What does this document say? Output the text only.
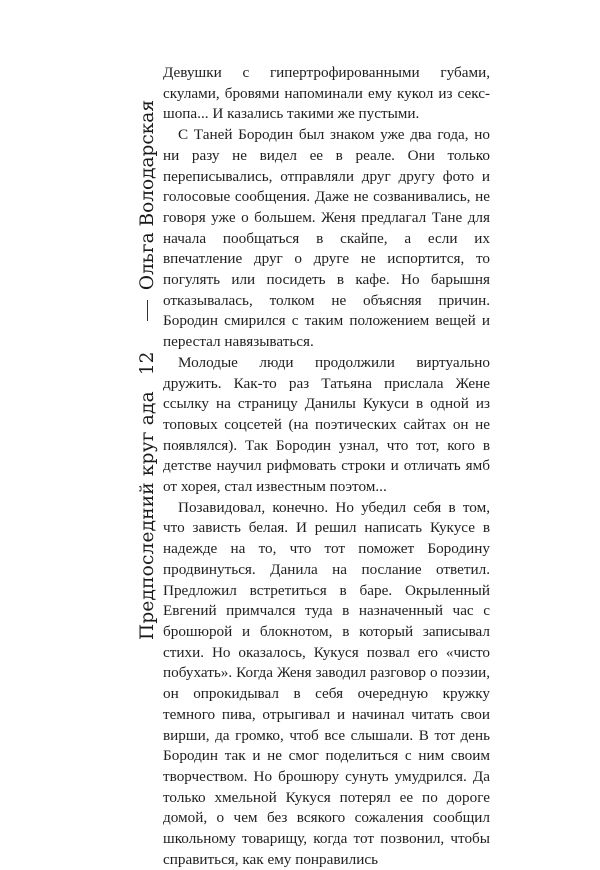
Предпоследний круг ада
12
Ольга Володарская

Девушки с гипертрофированными губами, скулами, бровями напоминали ему кукол из секс-шопа... И казались такими же пустыми.

С Таней Бородин был знаком уже два года, но ни разу не видел ее в реале. Они только переписывались, отправляли друг другу фото и голосовые сообщения. Даже не созванивались, не говоря уже о большем. Женя предлагал Тане для начала пообщаться в скайпе, а если их впечатление друг о друге не испортится, то погулять или посидеть в кафе. Но барышня отказывалась, толком не объясняя причин. Бородин смирился с таким положением вещей и перестал навязываться.

Молодые люди продолжили виртуально дружить. Как-то раз Татьяна прислала Жене ссылку на страницу Данилы Кукуси в одной из топовых соцсетей (на поэтических сайтах он не появлялся). Так Бородин узнал, что тот, кого в детстве научил рифмовать строки и отличать ямб от хорея, стал известным поэтом...

Позавидовал, конечно. Но убедил себя в том, что зависть белая. И решил написать Кукусе в надежде на то, что тот поможет Бородину продвинуться. Данила на послание ответил. Предложил встретиться в баре. Окрыленный Евгений примчался туда в назначенный час с брошюрой и блокнотом, в который записывал стихи. Но оказалось, Кукуся позвал его «чисто побухать». Когда Женя заводил разговор о поэзии, он опрокидывал в себя очередную кружку темного пива, отрыгивал и начинал читать свои вирши, да громко, чтоб все слышали. В тот день Бородин так и не смог поделиться с ним своим творчеством. Но брошюру сунуть умудрился. Да только хмельной Кукуся потерял ее по дороге домой, о чем без всякого сожаления сообщил школьному товарищу, когда тот позвонил, чтобы справиться, как ему понравились
